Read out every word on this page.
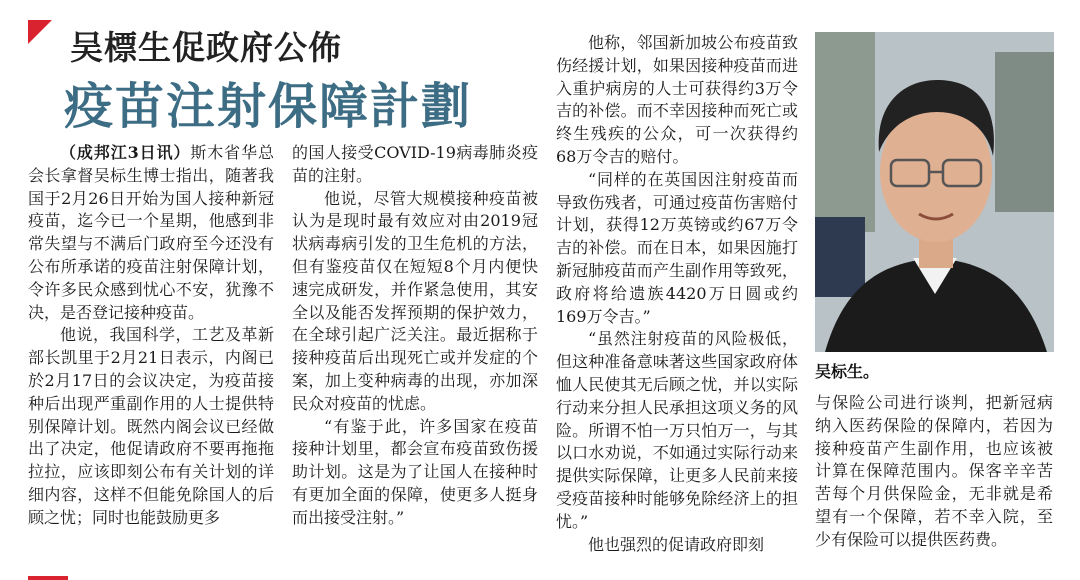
吴標生促政府公佈
疫苗注射保障計劃

（成邦江3日讯）斯木省华总会长拿督吴标生博士指出，随著我国于2月26日开始为国人接种新冠疫苗，迄今已一个星期，他感到非常失望与不满后门政府至今还没有公布所承诺的疫苗注射保障计划，令许多民众感到忧心不安，犹豫不决，是否登记接种疫苗。

他说，我国科学，工艺及革新部长凯里于2月21日表示，内阁已於2月17日的会议决定，为疫苗接种后出现严重副作用的人士提供特别保障计划。既然内阁会议已经做出了决定，他促请政府不要再拖拖拉拉，应该即刻公布有关计划的详细内容，这样不但能免除国人的后顾之忧；同时也能鼓励更多

的国人接受COVID-19病毒肺炎疫苗的注射。

他说，尽管大规模接种疫苗被认为是现时最有效应对由2019冠状病毒病引发的卫生危机的方法，但有鉴疫苗仅在短短8个月内便快速完成研发，并作紧急使用，其安全以及能否发挥预期的保护效力，在全球引起广泛关注。最近据称于接种疫苗后出现死亡或并发症的个案，加上变种病毒的出现，亦加深民众对疫苗的忧虑。

“有鉴于此，许多国家在疫苗接种计划里，都会宣布疫苗致伤援助计划。这是为了让国人在接种时有更加全面的保障，使更多人挺身而出接受注射。”

他称，邻国新加坡公布疫苗致伤经援计划，如果因接种疫苗而进入重护病房的人士可获得约3万令吉的补偿。而不幸因接种而死亡或终生残疾的公众，可一次获得约68万令吉的赔付。

“同样的在英国因注射疫苗而导致伤残者，可通过疫苗伤害赔付计划，获得12万英镑或约67万令吉的补偿。而在日本，如果因施打新冠肺疫苗而产生副作用等致死，政府将给遗族4420万日圆或约169万令吉。”

“虽然注射疫苗的风险极低，但这种准备意味著这些国家政府体恤人民使其无后顾之忧，并以实际行动来分担人民承担这项义务的风险。所谓不怕一万只怕万一，与其以口水劝说，不如通过实际行动来提供实际保障，让更多人民前来接受疫苗接种时能够免除经济上的担忧。”

他也强烈的促请政府即刻

吴标生。

与保险公司进行谈判，把新冠病纳入医药保险的保障内，若因为接种疫苗产生副作用，也应该被计算在保障范围内。保客辛辛苦苦每个月供保险金，无非就是希望有一个保障，若不幸入院，至少有保险可以提供医药费。
